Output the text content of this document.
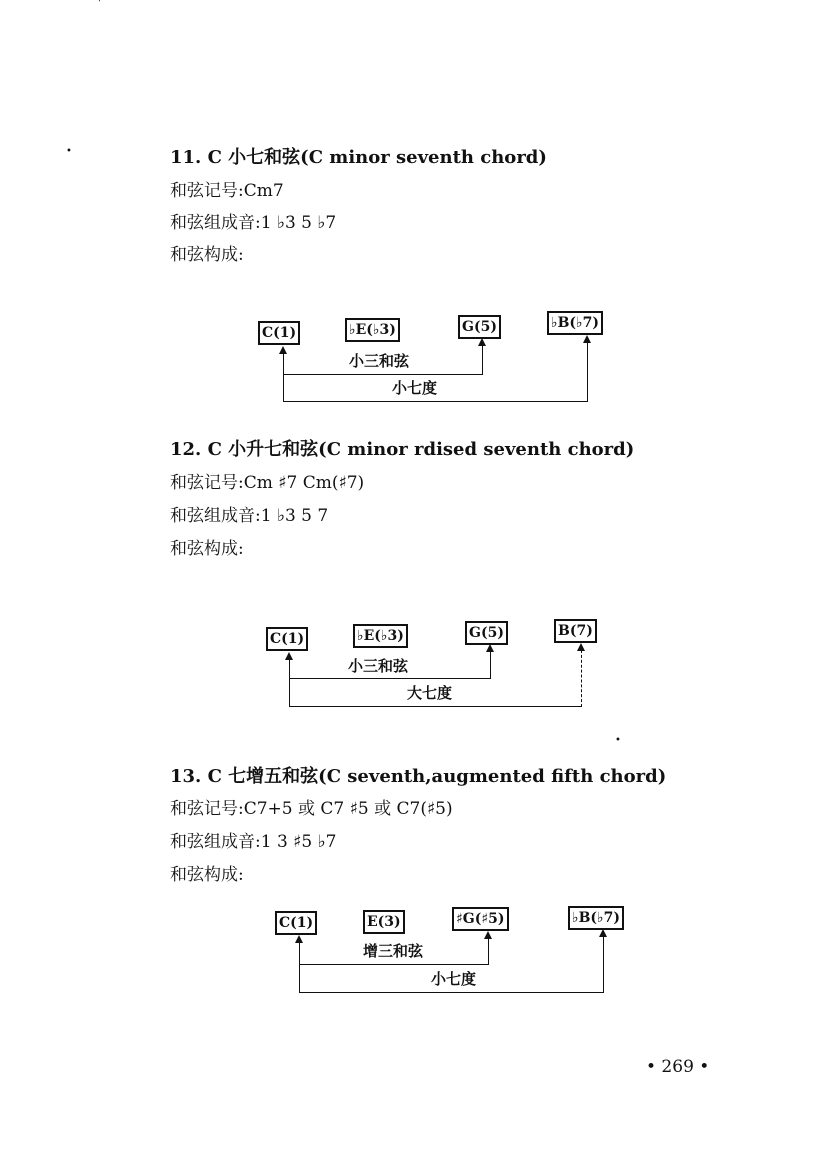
'
•	11. C 小七和弦(C minor seventh chord)
和弦记号:Cm7
和弦组成音:1 ♭3 5 ♭7
和弦构成:
C(1)	♭E(♭3)	G(5)	♭B(♭7)
小三和弦
小七度
12. C 小升七和弦(C minor rdised seventh chord)
和弦记号:Cm ♯7 Cm(♯7)
和弦组成音:1 ♭3 5 7
和弦构成:
C(1)	♭E(♭3)	G(5)	B(7)
小三和弦
大七度
•
13. C 七增五和弦(C seventh,augmented fifth chord)
和弦记号:C7+5 或 C7 ♯5 或 C7(♯5)
和弦组成音:1 3 ♯5 ♭7
和弦构成:
C(1)	E(3)	♯G(♯5)	♭B(♭7)
增三和弦
小七度
• 269 •
